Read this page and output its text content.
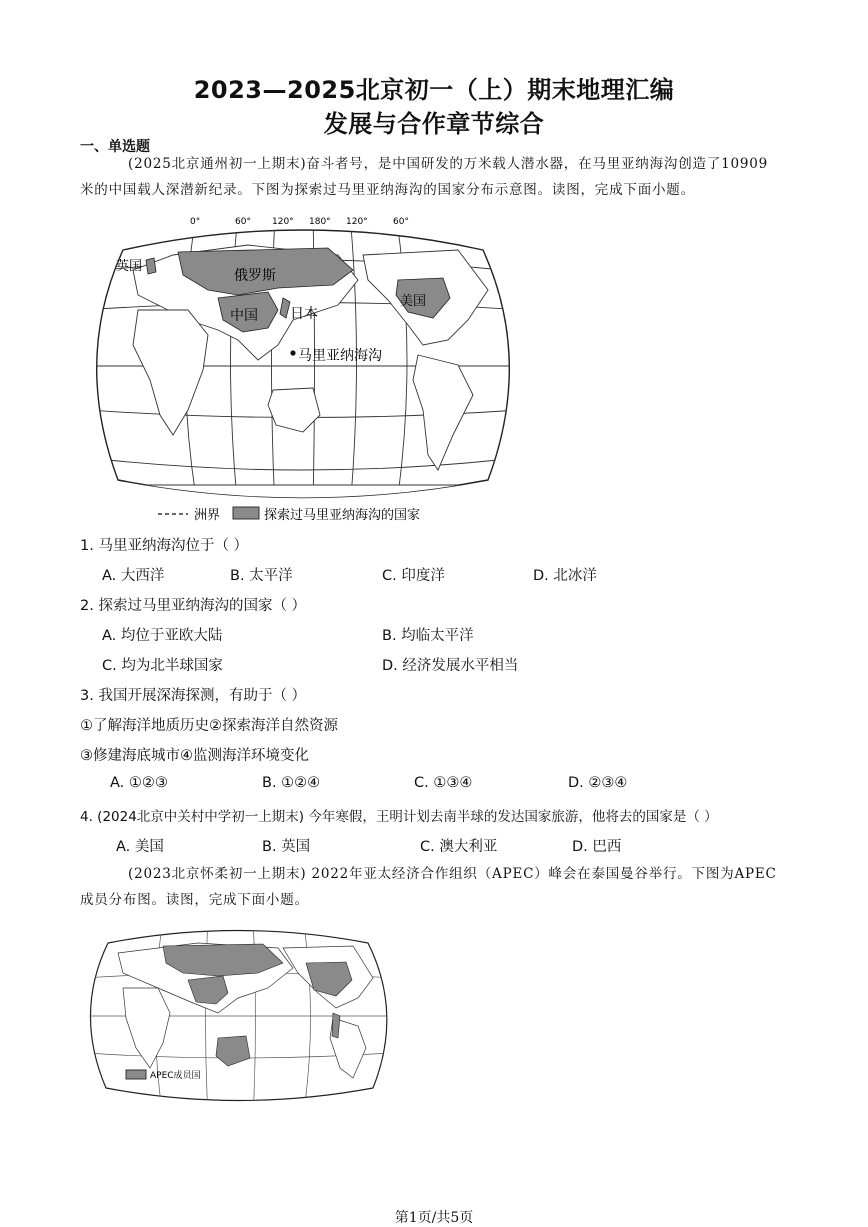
2023—2025北京初一（上）期末地理汇编
发展与合作章节综合
一、单选题
(2025北京通州初一上期末)奋斗者号，是中国研发的万米载人潜水器，在马里亚纳海沟创造了10909
米的中国载人深潜新纪录。下图为探索过马里亚纳海沟的国家分布示意图。读图，完成下面小题。
0°	60° 120° 180° 120°	60°
英国
俄罗斯
中国 日本
美国
马里亚纳海沟
洲界	探索过马里亚纳海沟的国家
1. 马里亚纳海沟位于（ ）
A. 大西洋	B. 太平洋	C. 印度洋	D. 北冰洋
2. 探索过马里亚纳海沟的国家（ ）
A. 均位于亚欧大陆	B. 均临太平洋
C. 均为北半球国家	D. 经济发展水平相当
3. 我国开展深海探测，有助于（ ）
①了解海洋地质历史②探索海洋自然资源
③修建海底城市④监测海洋环境变化
A. ①②③	B. ①②④	C. ①③④	D. ②③④
4. (2024北京中关村中学初一上期末) 今年寒假，王明计划去南半球的发达国家旅游，他将去的国家是（ ）
A. 美国	B. 英国	C. 澳大利亚	D. 巴西
(2023北京怀柔初一上期末) 2022年亚太经济合作组织（APEC）峰会在泰国曼谷举行。下图为APEC
成员分布图。读图，完成下面小题。
APEC成员国
第1页/共5页
